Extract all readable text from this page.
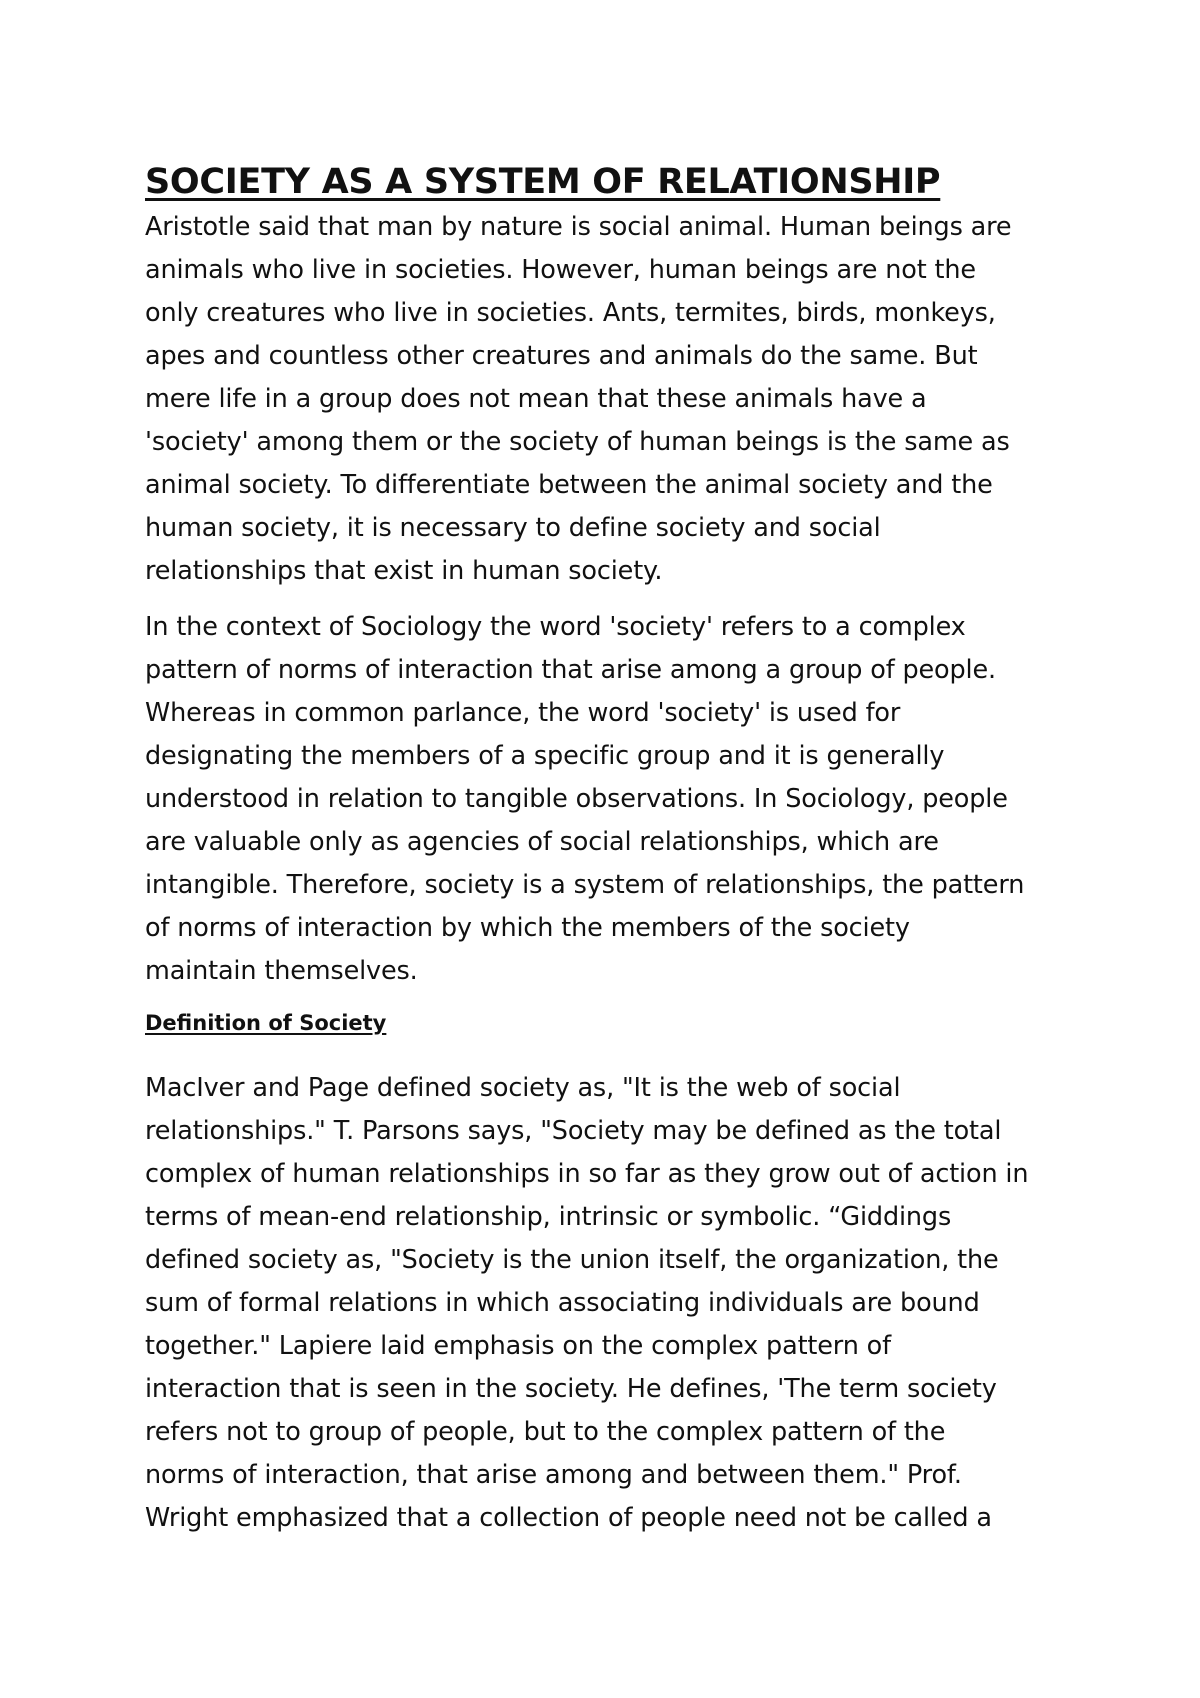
SOCIETY AS A SYSTEM OF RELATIONSHIP
Aristotle said that man by nature is social animal. Human beings are
animals who live in societies. However, human beings are not the
only creatures who live in societies. Ants, termites, birds, monkeys,
apes and countless other creatures and animals do the same. But
mere life in a group does not mean that these animals have a
'society' among them or the society of human beings is the same as
animal society. To differentiate between the animal society and the
human society, it is necessary to define society and social
relationships that exist in human society.
In the context of Sociology the word 'society' refers to a complex
pattern of norms of interaction that arise among a group of people.
Whereas in common parlance, the word 'society' is used for
designating the members of a specific group and it is generally
understood in relation to tangible observations. In Sociology, people
are valuable only as agencies of social relationships, which are
intangible. Therefore, society is a system of relationships, the pattern
of norms of interaction by which the members of the society
maintain themselves.
Definition of Society
MacIver and Page defined society as, "It is the web of social
relationships." T. Parsons says, "Society may be defined as the total
complex of human relationships in so far as they grow out of action in
terms of mean-end relationship, intrinsic or symbolic. “Giddings
defined society as, "Society is the union itself, the organization, the
sum of formal relations in which associating individuals are bound
together." Lapiere laid emphasis on the complex pattern of
interaction that is seen in the society. He defines, 'The term society
refers not to group of people, but to the complex pattern of the
norms of interaction, that arise among and between them." Prof.
Wright emphasized that a collection of people need not be called a
